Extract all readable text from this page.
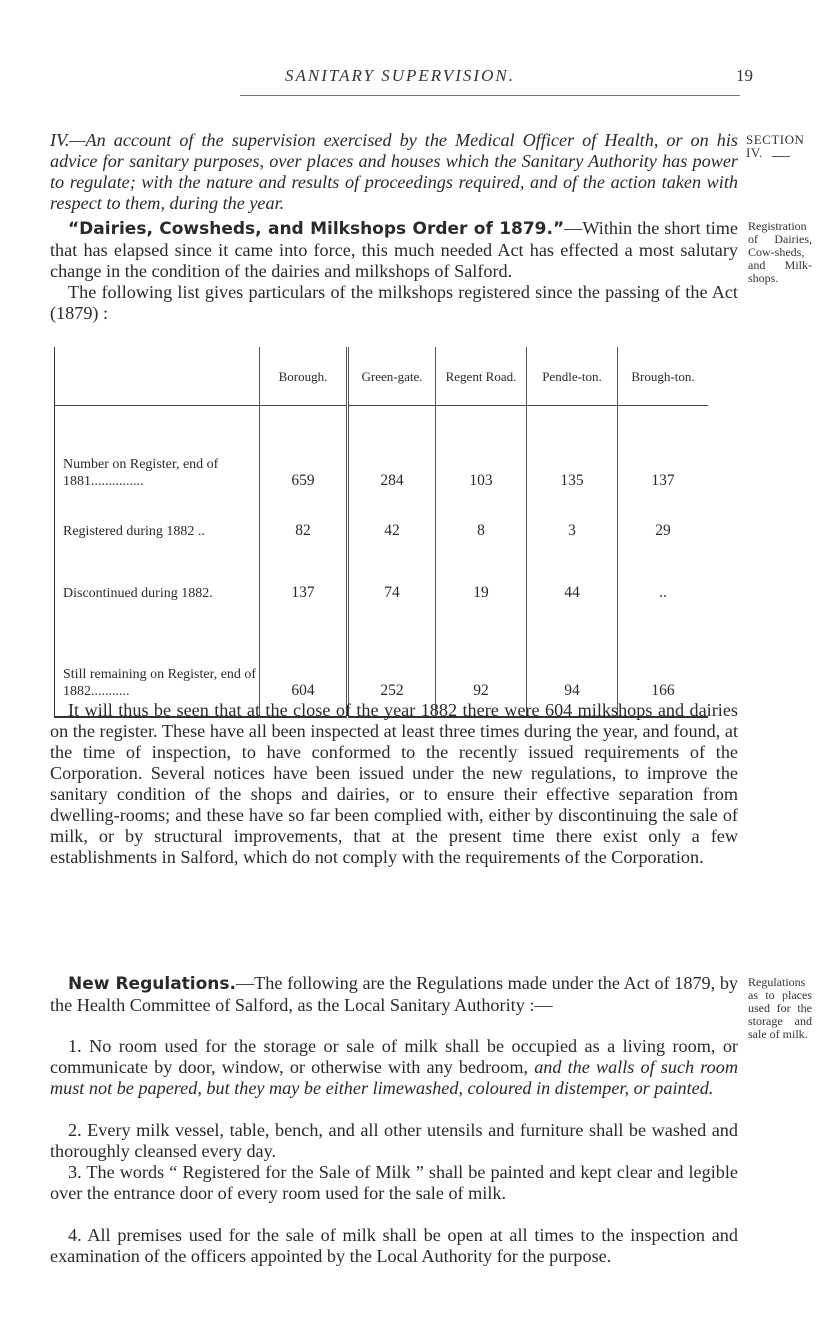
SANITARY SUPERVISION.	19
SECTION IV.
IV.—An account of the supervision exercised by the Medical Officer of Health, or on his advice for sanitary purposes, over places and houses which the Sanitary Authority has power to regulate; with the nature and results of proceedings required, and of the action taken with respect to them, during the year.

“Dairies, Cowsheds, and Milkshops Order of 1879.”—Within the short time that has elapsed since it came into force, this much needed Act has effected a most salutary change in the condition of the dairies and milkshops of Salford.

The following list gives particulars of the milkshops registered since the passing of the Act (1879) :

Registration of Dairies, Cow-sheds, and Milk-shops.
	Borough.	Green-gate.	Regent Road.	Pendle-ton.	Brough-ton.
Number on Register, end of 1881...............	659	284	103	135	137
Registered during 1882 ..	82	42	8	3	29
Discontinued during 1882.	137	74	19	44	..
Still remaining on Register, end of 1882...........	604	252	92	94	166
It will thus be seen that at the close of the year 1882 there were 604 milkshops and dairies on the register. These have all been inspected at least three times during the year, and found, at the time of inspection, to have conformed to the recently issued requirements of the Corporation. Several notices have been issued under the new regulations, to improve the sanitary condition of the shops and dairies, or to ensure their effective separation from dwelling-rooms; and these have so far been complied with, either by discontinuing the sale of milk, or by structural improvements, that at the present time there exist only a few establishments in Salford, which do not comply with the requirements of the Corporation.

New Regulations.—The following are the Regulations made under the Act of 1879, by the Health Committee of Salford, as the Local Sanitary Authority :—

Regulations as to places used for the storage and sale of milk.

1. No room used for the storage or sale of milk shall be occupied as a living room, or communicate by door, window, or otherwise with any bedroom, and the walls of such room must not be papered, but they may be either limewashed, coloured in distemper, or painted.

2. Every milk vessel, table, bench, and all other utensils and furniture shall be washed and thoroughly cleansed every day.
3. The words “ Registered for the Sale of Milk ” shall be painted and kept clear and legible over the entrance door of every room used for the sale of milk.
4. All premises used for the sale of milk shall be open at all times to the inspection and examination of the officers appointed by the Local Authority for the purpose.
